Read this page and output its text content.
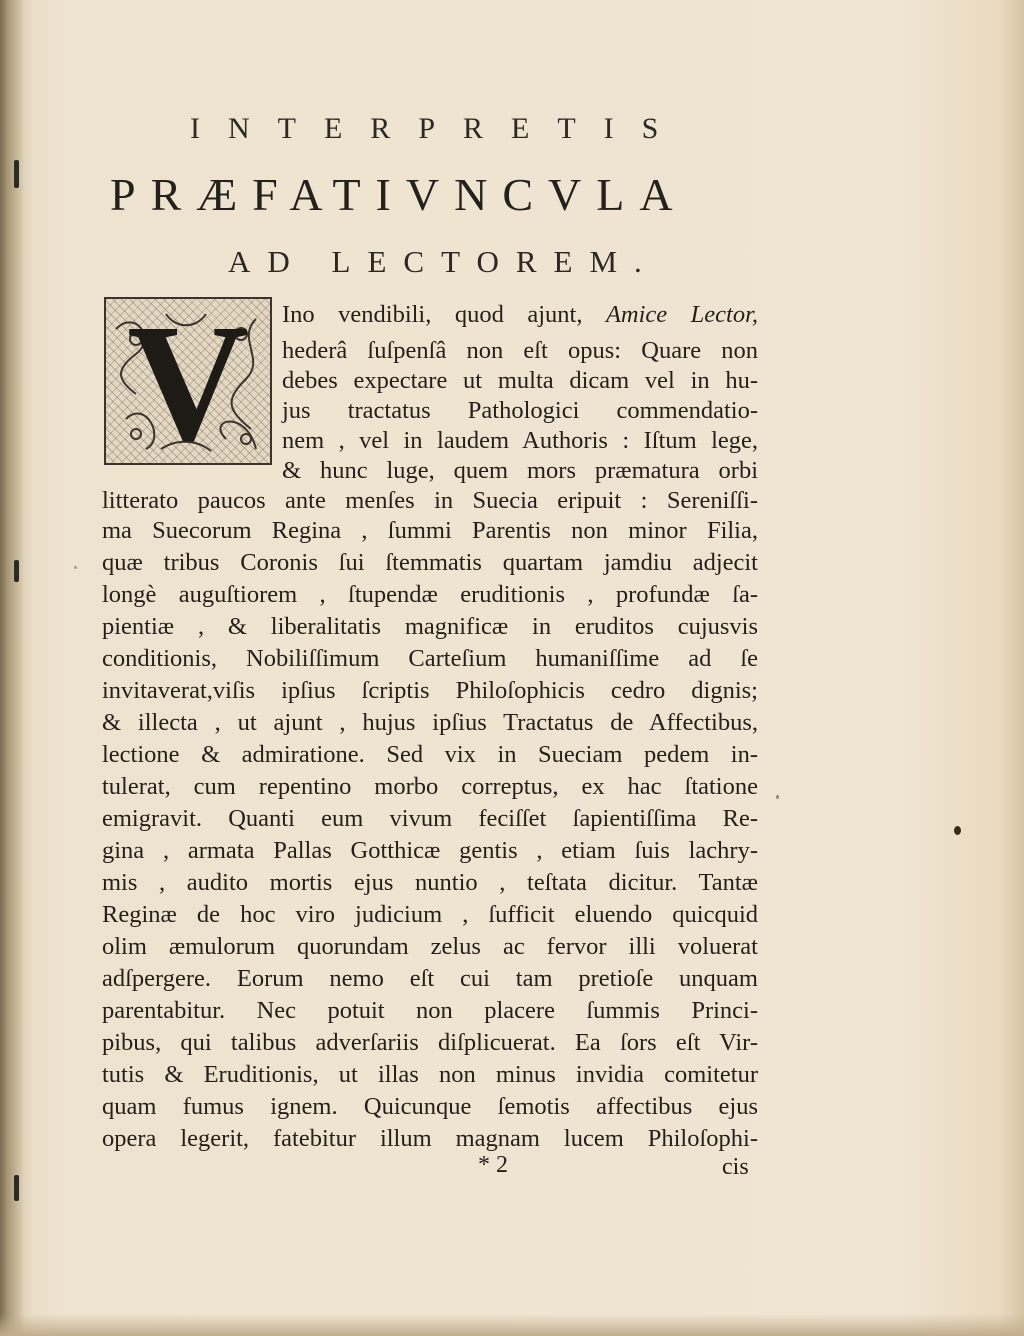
INTERPRETIS
PRÆFATIVNCVLA
AD LECTOREM.
V	Ino vendibili, quod ajunt, Amice Lector,
hederâ ſuſpenſâ non eſt opus: Quare non
debes expectare ut multa dicam vel in hu-
jus tractatus Pathologici commendatio-
nem , vel in laudem Authoris : Iſtum lege,
& hunc luge, quem mors præmatura orbi
litterato paucos ante menſes in Suecia eripuit : Sereniſſi-
ma Suecorum Regina , ſummi Parentis non minor Filia,
quæ tribus Coronis ſui ſtemmatis quartam jamdiu adjecit
longè auguſtiorem , ſtupendæ eruditionis , profundæ ſa-
pientiæ , & liberalitatis magnificæ in eruditos cujusvis
conditionis, Nobiliſſimum Carteſium humaniſſime ad ſe
invitaverat,viſis ipſius ſcriptis Philoſophicis cedro dignis;
& illecta , ut ajunt , hujus ipſius Tractatus de Affectibus,
lectione & admiratione. Sed vix in Sueciam pedem in-
tulerat, cum repentino morbo correptus, ex hac ſtatione
emigravit. Quanti eum vivum feciſſet ſapientiſſima Re-
gina , armata Pallas Gotthicæ gentis , etiam ſuis lachry-
mis , audito mortis ejus nuntio , teſtata dicitur. Tantæ
Reginæ de hoc viro judicium , ſufficit eluendo quicquid
olim æmulorum quorundam zelus ac fervor illi voluerat
adſpergere. Eorum nemo eſt cui tam pretioſe unquam
parentabitur. Nec potuit non placere ſummis Princi-
pibus, qui talibus adverſariis diſplicuerat. Ea ſors eſt Vir-
tutis & Eruditionis, ut illas non minus invidia comitetur
quam fumus ignem. Quicunque ſemotis affectibus ejus
opera legerit, fatebitur illum magnam lucem Philoſophi-
* 2	cis
